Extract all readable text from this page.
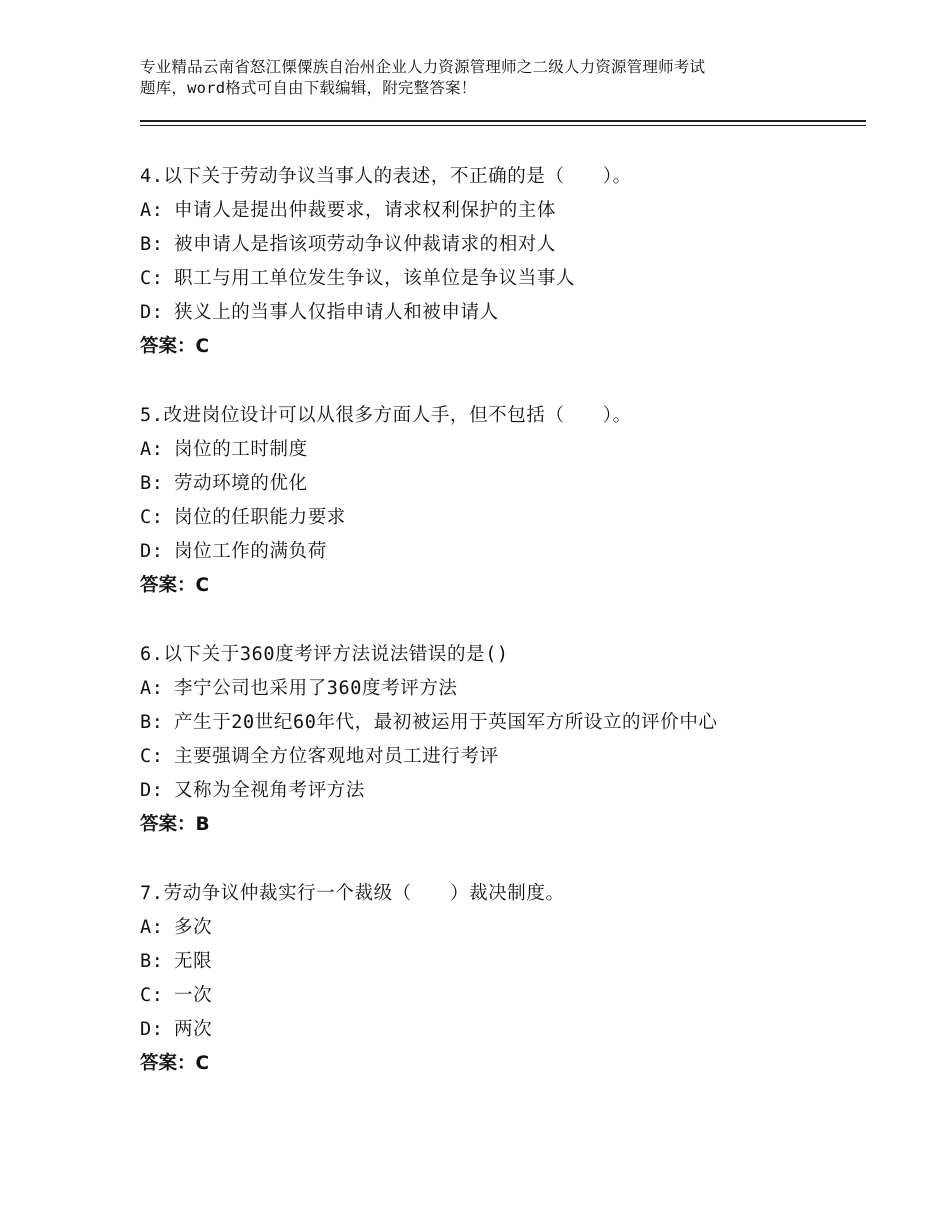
专业精品云南省怒江傈僳族自治州企业人力资源管理师之二级人力资源管理师考试
题库，word格式可自由下载编辑，附完整答案！
4.以下关于劳动争议当事人的表述，不正确的是（　　）。
A: 申请人是提出仲裁要求，请求权利保护的主体
B: 被申请人是指该项劳动争议仲裁请求的相对人
C: 职工与用工单位发生争议，该单位是争议当事人
D: 狭义上的当事人仅指申请人和被申请人
答案：C
5.改进岗位设计可以从很多方面人手，但不包括（　　）。
A: 岗位的工时制度
B: 劳动环境的优化
C: 岗位的任职能力要求
D: 岗位工作的满负荷
答案：C
6.以下关于360度考评方法说法错误的是()
A: 李宁公司也采用了360度考评方法
B: 产生于20世纪60年代，最初被运用于英国军方所设立的评价中心
C: 主要强调全方位客观地对员工进行考评
D: 又称为全视角考评方法
答案：B
7.劳动争议仲裁实行一个裁级（　　）裁决制度。
A: 多次
B: 无限
C: 一次
D: 两次
答案：C
